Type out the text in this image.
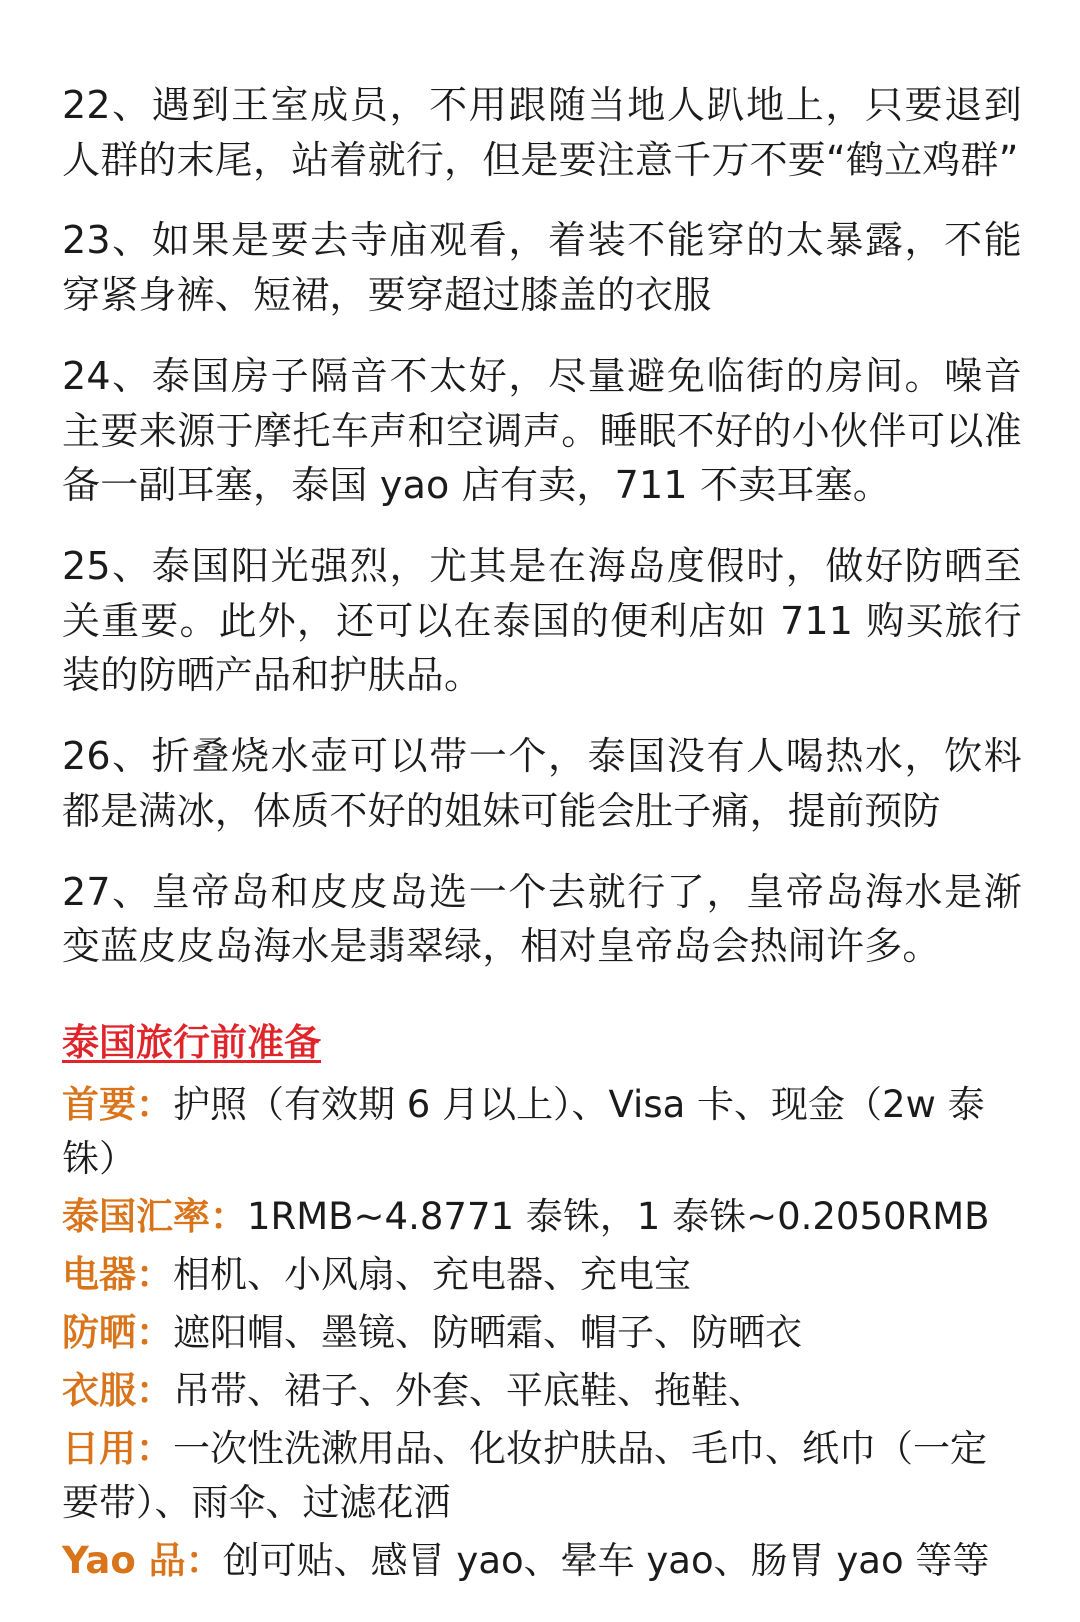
22、遇到王室成员，不用跟随当地人趴地上，只要退到人群的末尾，站着就行，但是要注意千万不要“鹤立鸡群”

23、如果是要去寺庙观看，着装不能穿的太暴露，不能穿紧身裤、短裙，要穿超过膝盖的衣服

24、泰国房子隔音不太好，尽量避免临街的房间。噪音主要来源于摩托车声和空调声。睡眠不好的小伙伴可以准备一副耳塞，泰国 yao 店有卖，711 不卖耳塞。

25、泰国阳光强烈，尤其是在海岛度假时，做好防晒至关重要。此外，还可以在泰国的便利店如 711 购买旅行装的防晒产品和护肤品。

26、折叠烧水壶可以带一个，泰国没有人喝热水，饮料都是满冰，体质不好的姐妹可能会肚子痛，提前预防

27、皇帝岛和皮皮岛选一个去就行了，皇帝岛海水是渐变蓝皮皮岛海水是翡翠绿，相对皇帝岛会热闹许多。

泰国旅行前准备
首要：护照（有效期 6 月以上）、Visa 卡、现金（2w 泰铢）
泰国汇率：1RMB~4.8771 泰铢，1 泰铢~0.2050RMB
电器：相机、小风扇、充电器、充电宝
防晒：遮阳帽、墨镜、防晒霜、帽子、防晒衣
衣服：吊带、裙子、外套、平底鞋、拖鞋、
日用：一次性洗漱用品、化妆护肤品、毛巾、纸巾（一定要带）、雨伞、过滤花洒
Yao 品：创可贴、感冒 yao、晕车 yao、肠胃 yao 等等
